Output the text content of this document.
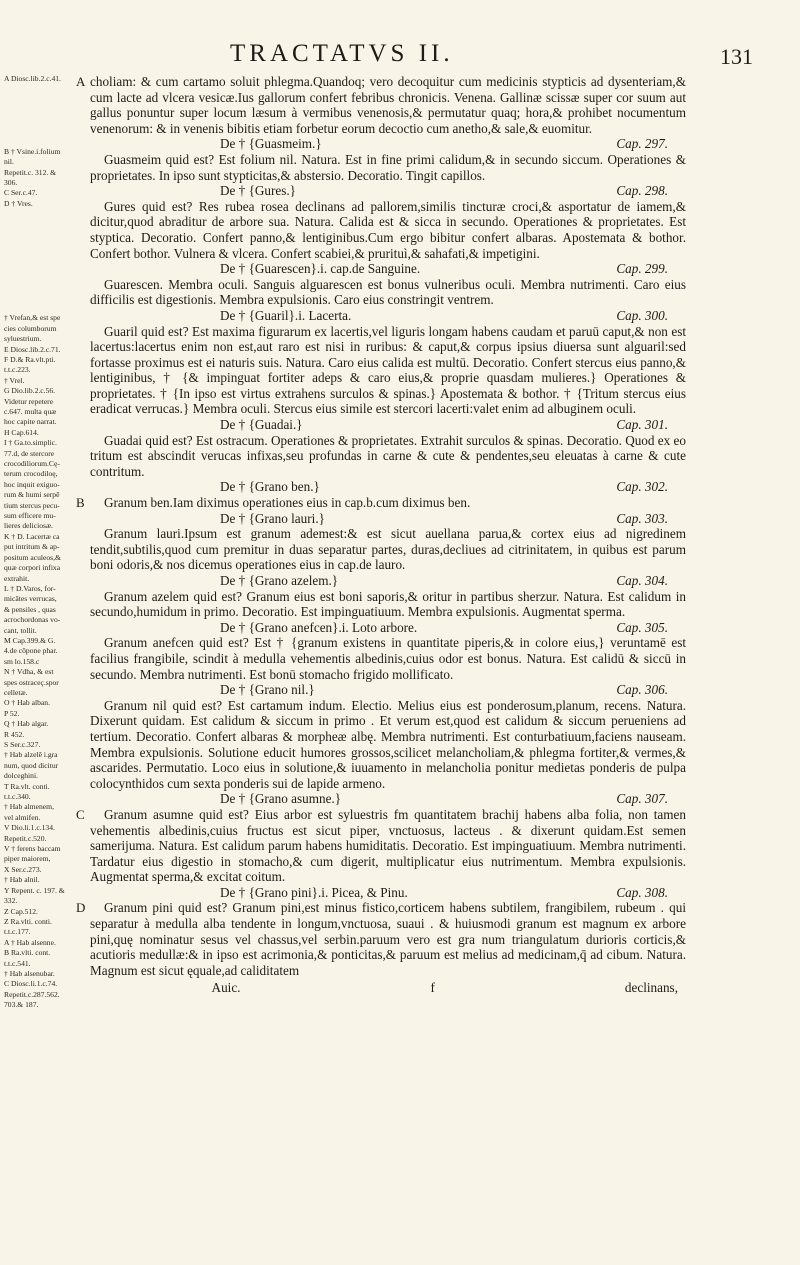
TRACTATVS II.	131
A Diosc.lib.2.c.41.

B † Vsine.i.folium
nil.
Repetit.c. 312. &
306.
C Ser.c.47.
D † Vres.

† Vrefan,& est spe
cies columborum
syluestrium.
E Diosc.lib.2.c.71.
F D.& Ra.vlt.pti.
t.t.c.223.
† Vrel.
G Dio.lib.2.c.56.
Videtur repetere
c.647. multa quæ
hoc capite narrat.
H Cap.614.
I † Ga.to.simplic.
77.d, de stercore
crocodiliorum.Cę-
terum crocodiloę,
hoc inquit exiguo-
rum & humi serpē
tium stercus pecu-
sum efficere mu-
lieres deliciosæ.
K † D. Lacertæ ca
put intritum & ap-
positum aculeos,&
quæ corpori infixa
extrahit.
L † D.Varos, for-
micātes verrucas,
& pensiles , quas
acrochordonas vo-
cant, tollit.
M Cap.399.& G.
4.de cōpone phar.
sm lo.158.c
N † Vdha, & est
spes ostraceç.spor
celletæ.
O † Hab alban.
P 52.
Q † Hab algar.
R 452.
S Ser.c.327.
† Hab alzelē i.gra
num, quod dicitur
dolceghini.
T Ra.vlt. conti.
t.t.c.340.
† Hab almenem,
vel almifen.
V Dio.li.1.c.134.
Repetit.c.520.
V † ferens baccam
piper maiorem,
X Ser.c.273.
† Hab alnil.
Y Repent. c. 197. &
332.
Z Cap.512.
Z Ra.vlti. conti.
t.t.c.177.
A † Hab alsenne.
B Ra.vlti. cont.
t.t.c.541.
† Hab alsenubar.
C Diosc.li.1.c.74.
Repetit.c.287.562.
703.& 187.
A
B
C
D

choliam: & cum cartamo soluit phlegma.Quandoq; vero decoquitur cum medicinis stypticis ad dysenteriam,& cum lacte ad vlcera vesicæ.Ius gallorum confert febribus chronicis. Venena. Gallinæ scissæ super cor suum aut gallus ponuntur super locum læsum à vermibus venenosis,& permutatur quaq; hora,& prohibet nocumentum venenorum: & in venenis bibitis etiam forbetur eorum decoctio cum anetho,& sale,& euomitur.

De † {Guasmeim.}	Cap. 297.

Guasmeim quid est? Est folium nil. Natura. Est in fine primi calidum,& in secundo siccum. Operationes & proprietates. In ipso sunt stypticitas,& abstersio. Decoratio. Tingit capillos.

De † {Gures.}	Cap. 298.

Gures quid est? Res rubea rosea declinans ad pallorem,similis tincturæ croci,& asportatur de iamem,& dicitur,quod abraditur de arbore sua. Natura. Calida est & sicca in secundo. Operationes & proprietates. Est styptica. Decoratio. Confert panno,& lentiginibus.Cum ergo bibitur confert albaras. Apostemata & bothor. Confert bothor. Vulnera & vlcera. Confert scabiei,& prurituì,& sahafati,& impetigini.

De † {Guarescen}.i. cap.de Sanguine.	Cap. 299.

Guarescen. Membra oculi. Sanguis alguarescen est bonus vulneribus oculi. Membra nutrimenti. Caro eius difficilis est digestionis. Membra expulsionis. Caro eius constringit ventrem.

De † {Guaril}.i. Lacerta.	Cap. 300.

Guaril quid est? Est maxima figurarum ex lacertis,vel liguris longam habens caudam et paruū caput,& non est lacertus:lacertus enim non est,aut raro est nisi in ruribus: & caput,& corpus ipsius diuersa sunt alguaril:sed fortasse proximus est ei naturis suis. Natura. Caro eius calida est multū. Decoratio. Confert stercus eius panno,& lentiginibus, † {& impinguat fortiter adeps & caro eius,& proprie quasdam mulieres.} Operationes & proprietates. † {In ipso est virtus extrahens surculos & spinas.} Apostemata & bothor. † {Tritum stercus eius eradicat verrucas.} Membra oculi. Stercus eius simile est stercori lacerti:valet enim ad albuginem oculi.

De † {Guadai.}	Cap. 301.

Guadai quid est? Est ostracum. Operationes & proprietates. Extrahit surculos & spinas. Decoratio. Quod ex eo tritum est abscindit verucas infixas,seu profundas in carne & cute & pendentes,seu eleuatas à carne & cute contritum.

De † {Grano ben.}	Cap. 302.

Granum ben.Iam diximus operationes eius in cap.b.cum diximus ben.

De † {Grano lauri.}	Cap. 303.

Granum lauri.Ipsum est granum ademest:& est sicut auellana parua,& cortex eius ad nigredinem tendit,subtilis,quod cum premitur in duas separatur partes, duras,decliues ad citrinitatem, in quibus est parum boni odoris,& nos dicemus operationes eius in cap.de lauro.

De † {Grano azelem.}	Cap. 304.

Granum azelem quid est? Granum eius est boni saporis,& oritur in partibus sherzur. Natura. Est calidum in secundo,humidum in primo. Decoratio. Est impinguatiuum. Membra expulsionis. Augmentat sperma.

De † {Grano anefcen}.i. Loto arbore.	Cap. 305.

Granum anefcen quid est? Est † {granum existens in quantitate piperis,& in colore eius,} veruntamē est facilius frangibile, scindit à medulla vehementis albedinis,cuius odor est bonus. Natura. Est calidū & siccū in secundo. Membra nutrimenti. Est bonū stomacho frigido mollificato.

De † {Grano nil.}	Cap. 306.

Granum nil quid est? Est cartamum indum. Electio. Melius eius est ponderosum,planum, recens. Natura. Dixerunt quidam. Est calidum & siccum in primo . Et verum est,quod est calidum & siccum perueniens ad tertium. Decoratio. Confert albaras & morpheæ albę. Membra nutrimenti. Est conturbatiuum,faciens nauseam. Membra expulsionis. Solutione educit humores grossos,scilicet melancholiam,& phlegma fortiter,& vermes,& ascarides. Permutatio. Loco eius in solutione,& iuuamento in melancholia ponitur medietas ponderis de pulpa colocynthidos cum sexta ponderis sui de lapide armeno.

De † {Grano asumne.}	Cap. 307.

Granum asumne quid est? Eius arbor est syluestris fm quantitatem brachij habens alba folia, non tamen vehementis albedinis,cuius fructus est sicut piper, vnctuosus, lacteus . & dixerunt quidam.Est semen samerijuma. Natura. Est calidum parum habens humiditatis. Decoratio. Est impinguatiuum. Membra nutrimenti. Tardatur eius digestio in stomacho,& cum digerit, multiplicatur eius nutrimentum. Membra expulsionis. Augmentat sperma,& excitat coitum.

De † {Grano pini}.i. Picea, & Pinu.	Cap. 308.

Granum pini quid est? Granum pini,est minus fistico,corticem habens subtilem, frangibilem, rubeum . qui separatur à medulla alba tendente in longum,vnctuosa, suaui . & huiusmodi granum est magnum ex arbore pini,quę nominatur sesus vel chassus,vel serbin.paruum vero est gra num triangulatum durioris corticis,& acutioris medullæ:& in ipso est acrimonia,& ponticitas,& paruum est melius ad medicinam,q̄ ad cibum. Natura. Magnum est sicut ęquale,ad caliditatem

Auic.	f	declinans,
